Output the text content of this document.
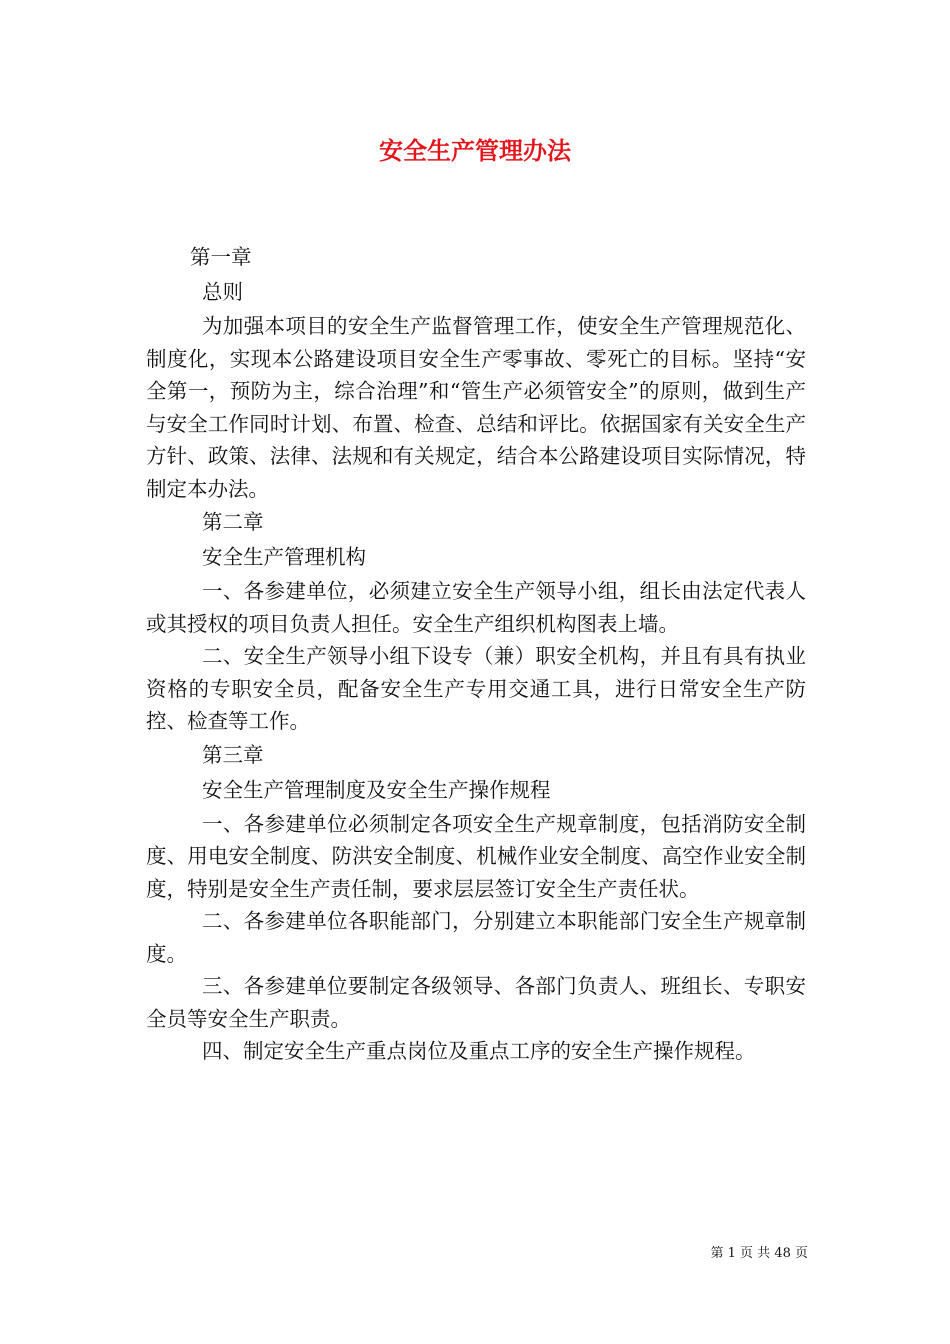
安全生产管理办法

第一章

总则

为加强本项目的安全生产监督管理工作，使安全生产管理规范化、制度化，实现本公路建设项目安全生产零事故、零死亡的目标。坚持“安全第一，预防为主，综合治理”和“管生产必须管安全”的原则，做到生产与安全工作同时计划、布置、检查、总结和评比。依据国家有关安全生产方针、政策、法律、法规和有关规定，结合本公路建设项目实际情况，特制定本办法。

第二章

安全生产管理机构

一、各参建单位，必须建立安全生产领导小组，组长由法定代表人或其授权的项目负责人担任。安全生产组织机构图表上墙。

二、安全生产领导小组下设专（兼）职安全机构，并且有具有执业资格的专职安全员，配备安全生产专用交通工具，进行日常安全生产防控、检查等工作。

第三章

安全生产管理制度及安全生产操作规程

一、各参建单位必须制定各项安全生产规章制度，包括消防安全制度、用电安全制度、防洪安全制度、机械作业安全制度、高空作业安全制度，特别是安全生产责任制，要求层层签订安全生产责任状。

二、各参建单位各职能部门，分别建立本职能部门安全生产规章制度。

三、各参建单位要制定各级领导、各部门负责人、班组长、专职安全员等安全生产职责。

四、制定安全生产重点岗位及重点工序的安全生产操作规程。

第 1 页 共 48 页
